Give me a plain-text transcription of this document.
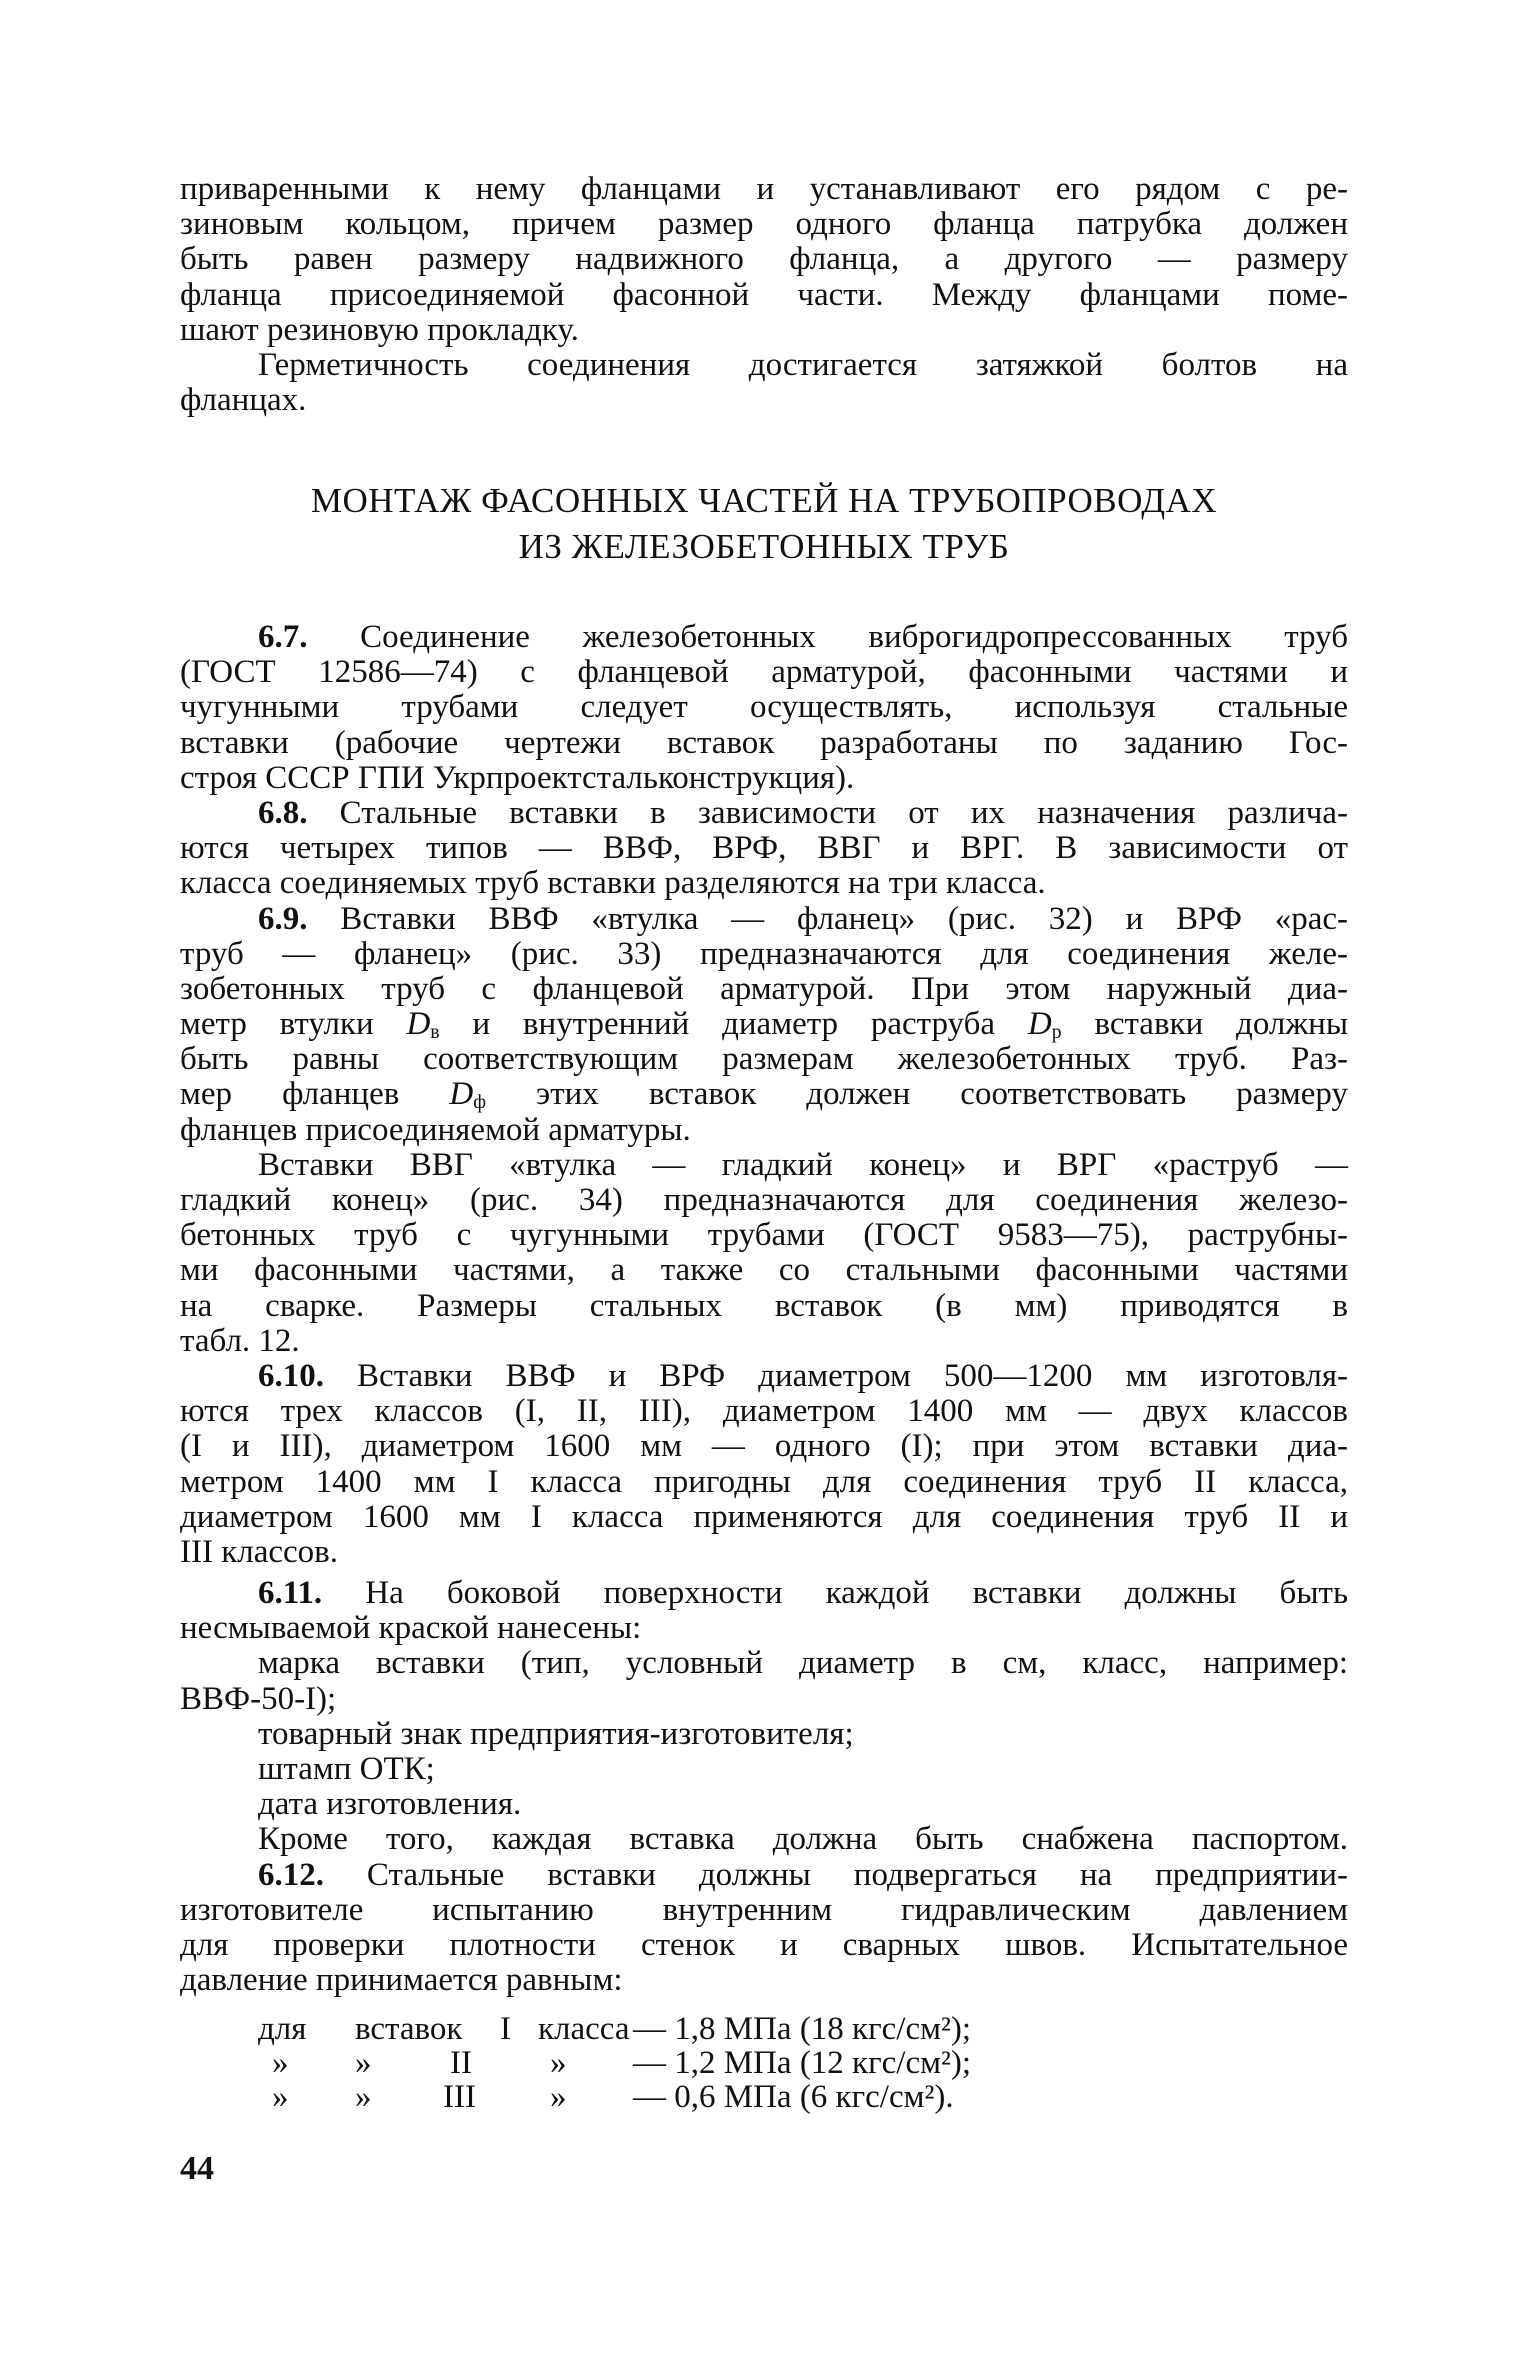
приваренными к нему фланцами и устанавливают его рядом с ре-
зиновым кольцом, причем размер одного фланца патрубка должен
быть равен размеру надвижного фланца, а другого — размеру
фланца присоединяемой фасонной части. Между фланцами поме-
шают резиновую прокладку.
Герметичность соединения достигается затяжкой болтов на
фланцах.
МОНТАЖ ФАСОННЫХ ЧАСТЕЙ НА ТРУБОПРОВОДАХ
ИЗ ЖЕЛЕЗОБЕТОННЫХ ТРУБ
6.7. Соединение железобетонных виброгидропрессованных труб
(ГОСТ 12586—74) с фланцевой арматурой, фасонными частями и
чугунными трубами следует осуществлять, используя стальные
вставки (рабочие чертежи вставок разработаны по заданию Гос-
строя СССР ГПИ Укрпроектстальконструкция).
6.8. Стальные вставки в зависимости от их назначения различа-
ются четырех типов — ВВФ, ВРФ, ВВГ и ВРГ. В зависимости от
класса соединяемых труб вставки разделяются на три класса.
6.9. Вставки ВВФ «втулка — фланец» (рис. 32) и ВРФ «рас-
труб — фланец» (рис. 33) предназначаются для соединения желе-
зобетонных труб с фланцевой арматурой. При этом наружный диа-
метр втулки $D_в$ и внутренний диаметр раструба $D_р$ вставки должны
быть равны соответствующим размерам железобетонных труб. Раз-
мер фланцев $D_ф$ этих вставок должен соответствовать размеру
фланцев присоединяемой арматуры.
Вставки ВВГ «втулка — гладкий конец» и ВРГ «раструб —
гладкий конец» (рис. 34) предназначаются для соединения железо-
бетонных труб с чугунными трубами (ГОСТ 9583—75), раструбны-
ми фасонными частями, а также со стальными фасонными частями
на сварке. Размеры стальных вставок (в мм) приводятся в
табл. 12.
6.10. Вставки ВВФ и ВРФ диаметром 500—1200 мм изготовля-
ются трех классов (I, II, III), диаметром 1400 мм — двух классов
(I и III), диаметром 1600 мм — одного (I); при этом вставки диа-
метром 1400 мм I класса пригодны для соединения труб II класса,
диаметром 1600 мм I класса применяются для соединения труб II и
III классов.
6.11. На боковой поверхности каждой вставки должны быть
несмываемой краской нанесены:
марка вставки (тип, условный диаметр в см, класс, например:
ВВФ-50-I);
товарный знак предприятия-изготовителя;
штамп ОТК;
дата изготовления.
Кроме того, каждая вставка должна быть снабжена паспортом.
6.12. Стальные вставки должны подвергаться на предприятии-
изготовителе испытанию внутренним гидравлическим давлением
для проверки плотности стенок и сварных швов. Испытательное
давление принимается равным:
для вставок I класса — 1,8 МПа (18 кгс/см²);
» » II » — 1,2 МПа (12 кгс/см²);
» » III » — 0,6 МПа (6 кгс/см²).
44
